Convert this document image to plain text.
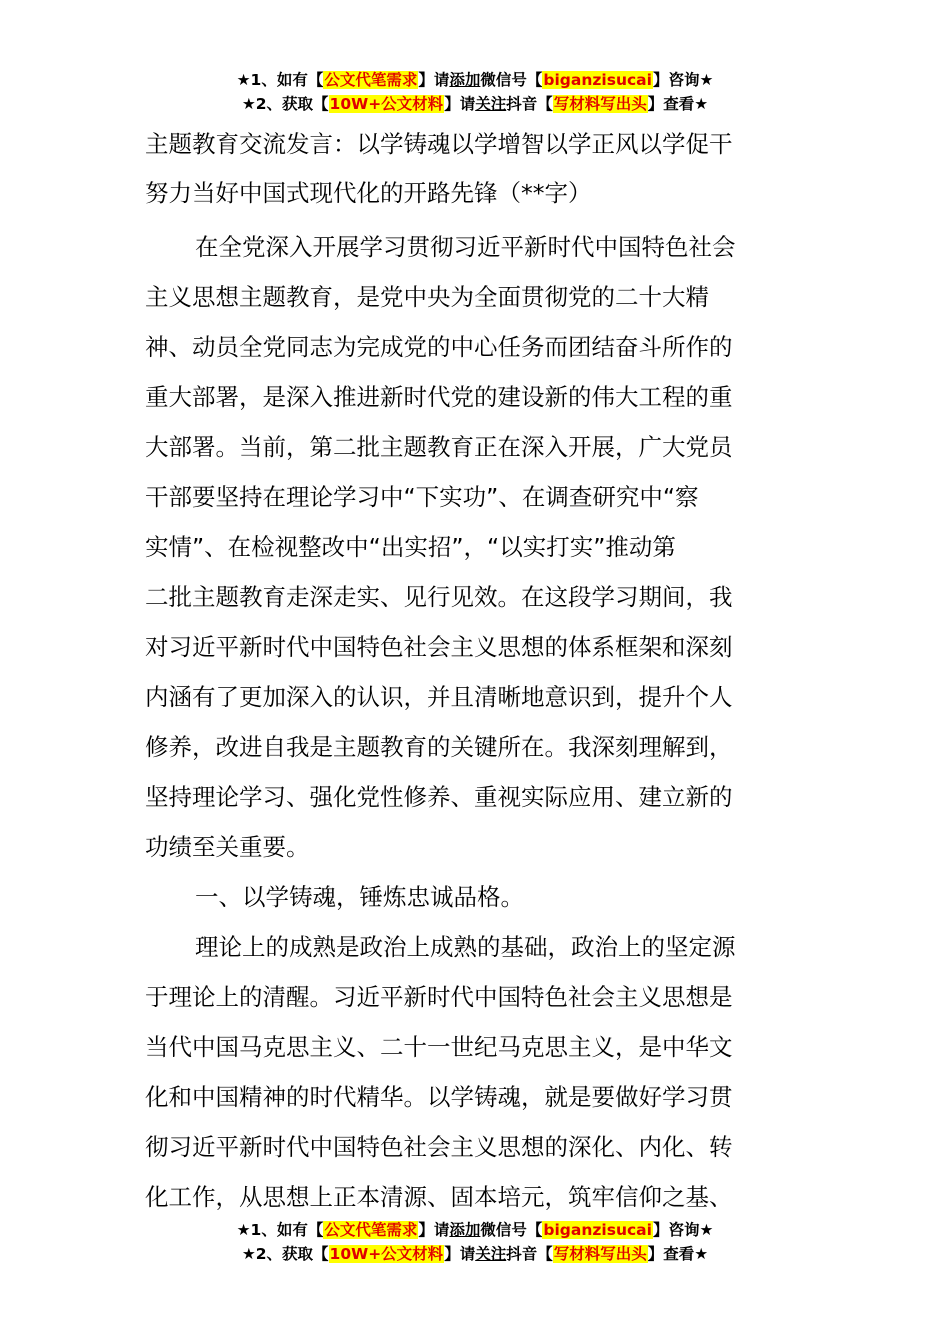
★1、如有【公文代笔需求】请添加微信号【biganzisucai】咨询★
★2、获取【10W+公文材料】请关注抖音【写材料写出头】查看★
主题教育交流发言：以学铸魂以学增智以学正风以学促干
努力当好中国式现代化的开路先锋（**字）
在全党深入开展学习贯彻习近平新时代中国特色社会
主义思想主题教育，是党中央为全面贯彻党的二十大精
神、动员全党同志为完成党的中心任务而团结奋斗所作的
重大部署，是深入推进新时代党的建设新的伟大工程的重
大部署。当前，第二批主题教育正在深入开展，广大党员
干部要坚持在理论学习中“下实功”、在调查研究中“察
实情”、在检视整改中“出实招”，“以实打实”推动第
二批主题教育走深走实、见行见效。在这段学习期间，我
对习近平新时代中国特色社会主义思想的体系框架和深刻
内涵有了更加深入的认识，并且清晰地意识到，提升个人
修养，改进自我是主题教育的关键所在。我深刻理解到，
坚持理论学习、强化党性修养、重视实际应用、建立新的
功绩至关重要。
一、以学铸魂，锤炼忠诚品格。
理论上的成熟是政治上成熟的基础，政治上的坚定源
于理论上的清醒。习近平新时代中国特色社会主义思想是
当代中国马克思主义、二十一世纪马克思主义，是中华文
化和中国精神的时代精华。以学铸魂，就是要做好学习贯
彻习近平新时代中国特色社会主义思想的深化、内化、转
化工作，从思想上正本清源、固本培元，筑牢信仰之基、
★1、如有【公文代笔需求】请添加微信号【biganzisucai】咨询★
★2、获取【10W+公文材料】请关注抖音【写材料写出头】查看★
